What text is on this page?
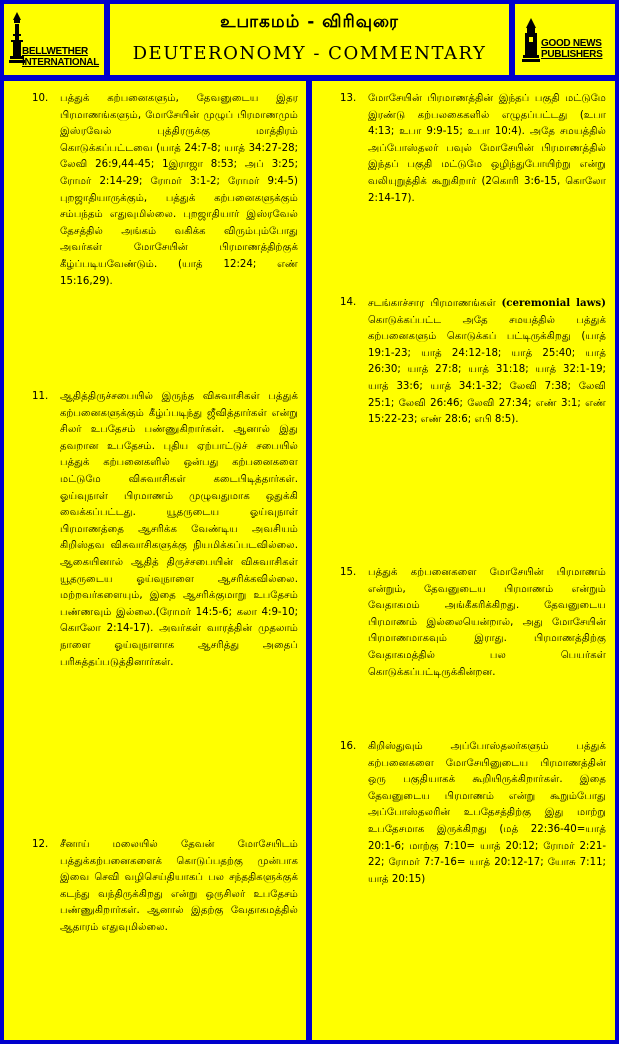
BELLWETHER
INTERNATIONAL
உபாகமம் - விரிவுரை
DEUTERONOMY - COMMENTARY	GOOD NEWS
PUBLISHERS
10. பத்துக் கற்பனைகளும், தேவனுடைய இதர பிரமாணங்களும், மோசேயின் முழுப் பிரமாணமும் இஸ்ரவேல் புத்திரருக்கு மாத்திரம் கொடுக்கப்பட்டவை (யாத் 24:7-8; யாத் 34:27-28; லேவி 26:9,44-45; 1இராஜா 8:53; அப் 3:25; ரோமர் 2:14-29; ரோமர் 3:1-2; ரோமர் 9:4-5) புறஜாதியாருக்கும், பத்துக் கற்பனைகளுக்கும் சம்பந்தம் எதுவுமில்லை. புறஜாதியார் இஸ்ரவேல் தேசத்தில் அங்கம் வகிக்க விரும்பும்போது அவர்கள் மோசேயின் பிரமாணத்திற்குக் கீழ்ப்படியவேண்டும். (யாத் 12:24; எண் 15:16,29).
11. ஆதித்திருச்சபையில் இருந்த விசுவாசிகள் பத்துக் கற்பனைகளுக்கும் கீழ்ப்படிந்து ஜீவித்தார்கள் என்று சிலர் உபதேசம் பண்ணுகிறார்கள். ஆனால் இது தவறான உபதேசம். புதிய ஏற்பாட்டுச் சபையில் பத்துக் கற்பனைகளில் ஒன்பது கற்பனைகளை மட்டுமே விசுவாசிகள் கடைபிடித்தார்கள். ஓய்வுநாள் பிரமாணம் முழுவதுமாக ஒதுக்கி வைக்கப்பட்டது. யூதருடைய ஓய்வுநாள் பிரமாணத்தை ஆசரிக்க வேண்டிய அவசியம் கிறிஸ்தவ விசுவாசிகளுக்கு நியமிக்கப்படவில்லை. ஆகையினால் ஆதித் திருச்சபையின் விசுவாசிகள் யூதருடைய ஓய்வுநாளை ஆசரிக்கவில்லை. மற்றவர்களையும், இதை ஆசரிக்குமாறு உபதேசம் பண்ணவும் இல்லை.(ரோமர் 14:5-6; கலா 4:9-10; கொலோ 2:14-17). அவர்கள் வாரத்தின் முதலாம் நாளை ஓய்வுநாளாக ஆசரித்து அதைப் பரிசுத்தப்படுத்தினார்கள்.
12. சீனாய் மலையில் தேவன் மோசேயிடம் பத்துக்கற்பனைகளைக் கொடுப்பதற்கு முன்பாக இவை செவி வழிசெய்தியாகப் பல சந்ததிகளுக்குக் கடந்து வந்திருக்கிறது என்று ஒருசிலர் உபதேசம் பண்ணுகிறார்கள். ஆனால் இதற்கு வேதாகமத்தில் ஆதாரம் எதுவுமில்லை.
13. மோசேயின் பிரமாணத்தின் இந்தப் பகுதி மட்டுமே இரண்டு கற்பலகைகளில் எழுதப்பட்டது (உபா 4:13; உபா 9:9-15; உபா 10:4). அதே சமயத்தில் அப்போஸ்தலர் பவுல் மோசேயின் பிரமாணத்தில் இந்தப் பகுதி மட்டுமே ஒழிந்துபோயிற்று என்று வலியுறுத்திக் கூறுகிறார் (2கொரி 3:6-15, கொலோ 2:14-17).
14. சடங்காச்சார பிரமாணங்கள் (ceremonial laws) கொடுக்கப்பட்ட அதே சமயத்தில் பத்துக் கற்பனைகளும் கொடுக்கப் பட்டிருக்கிறது (யாத் 19:1-23; யாத் 24:12-18; யாத் 25:40; யாத் 26:30; யாத் 27:8; யாத் 31:18; யாத் 32:1-19; யாத் 33:6; யாத் 34:1-32; லேவி 7:38; லேவி 25:1; லேவி 26:46; லேவி 27:34; எண் 3:1; எண் 15:22-23; எண் 28:6; எபி 8:5).
15. பத்துக் கற்பனைகளை மோசேயின் பிரமாணம் என்றும், தேவனுடைய பிரமாணம் என்றும் வேதாகமம் அங்கீகரிக்கிறது. தேவனுடைய பிரமாணம் இல்லையென்றால், அது மோசேயின் பிரமாணமாகவும் இராது. பிரமாணத்திற்கு வேதாகமத்தில் பல பெயர்கள் கொடுக்கப்பட்டிருக்கின்றன.
16. கிறிஸ்துவும் அப்போஸ்தலர்களும் பத்துக் கற்பனைகளை மோசேயினுடைய பிரமாணத்தின் ஒரு பகுதியாகக் கூறியிருக்கிறார்கள். இதை தேவனுடைய பிரமாணம் என்று கூறும்போது அப்போஸ்தலரின் உபதேசத்திற்கு இது மாற்று உபதேசமாக இருக்கிறது (மத் 22:36-40=யாத் 20:1-6; மாற்கு 7:10= யாத் 20:12; ரோமர் 2:21-22; ரோமர் 7:7-16= யாத் 20:12-17; யோசு 7:11; யாத் 20:15)
